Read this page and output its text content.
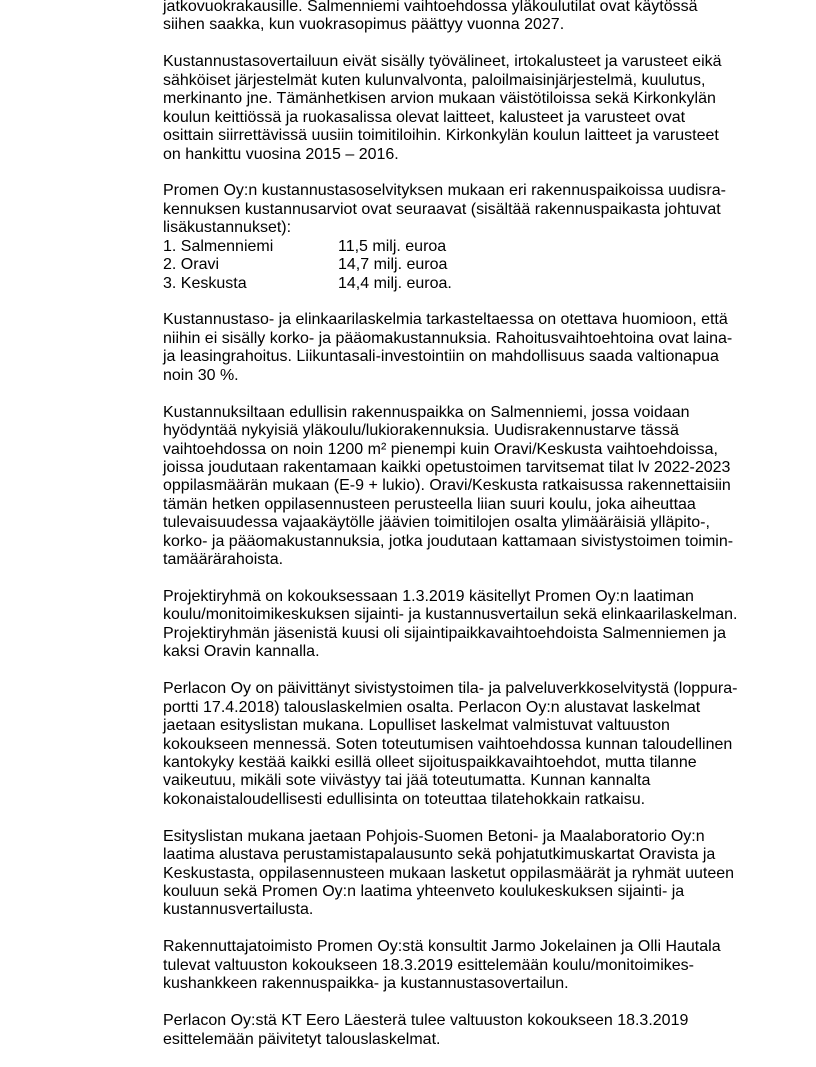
jatkovuokrakausille. Salmenniemi vaihtoehdossa yläkoulutilat ovat käytössä
siihen saakka, kun vuokrasopimus päättyy vuonna 2027.
Kustannustasovertailuun eivät sisälly työvälineet, irtokalusteet ja varusteet eikä
sähköiset järjestelmät kuten kulunvalvonta, paloilmaisinjärjestelmä, kuulutus,
merkinanto jne. Tämänhetkisen arvion mukaan väistötiloissa sekä Kirkonkylän
koulun keittiössä ja ruokasalissa olevat laitteet, kalusteet ja varusteet ovat
osittain siirrettävissä uusiin toimitiloihin. Kirkonkylän koulun laitteet ja varusteet
on hankittu vuosina 2015 – 2016.
Promen Oy:n kustannustasoselvityksen mukaan eri rakennuspaikoissa uudisra-
kennuksen kustannusarviot ovat seuraavat (sisältää rakennuspaikasta johtuvat
lisäkustannukset):
1. Salmenniemi	11,5 milj. euroa
2. Oravi	14,7 milj. euroa
3. Keskusta	14,4 milj. euroa.
Kustannustaso- ja elinkaarilaskelmia tarkasteltaessa on otettava huomioon, että
niihin ei sisälly korko- ja pääomakustannuksia. Rahoitusvaihtoehtoina ovat laina-
ja leasingrahoitus. Liikuntasali-investointiin on mahdollisuus saada valtionapua
noin 30 %.
Kustannuksiltaan edullisin rakennuspaikka on Salmenniemi, jossa voidaan
hyödyntää nykyisiä yläkoulu/lukiorakennuksia. Uudisrakennustarve tässä
vaihtoehdossa on noin 1200 m² pienempi kuin Oravi/Keskusta vaihtoehdoissa,
joissa joudutaan rakentamaan kaikki opetustoimen tarvitsemat tilat lv 2022-2023
oppilasmäärän mukaan (E-9 + lukio). Oravi/Keskusta ratkaisussa rakennettaisiin
tämän hetken oppilasennusteen perusteella liian suuri koulu, joka aiheuttaa
tulevaisuudessa vajaakäytölle jäävien toimitilojen osalta ylimääräisiä ylläpito-,
korko- ja pääomakustannuksia, jotka joudutaan kattamaan sivistystoimen toimin-
tamäärärahoista.
Projektiryhmä on kokouksessaan 1.3.2019 käsitellyt Promen Oy:n laatiman
koulu/monitoimikeskuksen sijainti- ja kustannusvertailun sekä elinkaarilaskelman.
Projektiryhmän jäsenistä kuusi oli sijaintipaikkavaihtoehdoista Salmenniemen ja
kaksi Oravin kannalla.
Perlacon Oy on päivittänyt sivistystoimen tila- ja palveluverkkoselvitystä (loppura-
portti 17.4.2018) talouslaskelmien osalta. Perlacon Oy:n alustavat laskelmat
jaetaan esityslistan mukana. Lopulliset laskelmat valmistuvat valtuuston
kokoukseen mennessä. Soten toteutumisen vaihtoehdossa kunnan taloudellinen
kantokyky kestää kaikki esillä olleet sijoituspaikkavaihtoehdot, mutta tilanne
vaikeutuu, mikäli sote viivästyy tai jää toteutumatta. Kunnan kannalta
kokonaistaloudellisesti edullisinta on toteuttaa tilatehokkain ratkaisu.
Esityslistan mukana jaetaan Pohjois-Suomen Betoni- ja Maalaboratorio Oy:n
laatima alustava perustamistapalausunto sekä pohjatutkimuskartat Oravista ja
Keskustasta, oppilasennusteen mukaan lasketut oppilasmäärät ja ryhmät uuteen
kouluun sekä Promen Oy:n laatima yhteenveto koulukeskuksen sijainti- ja
kustannusvertailusta.
Rakennuttajatoimisto Promen Oy:stä konsultit Jarmo Jokelainen ja Olli Hautala
tulevat valtuuston kokoukseen 18.3.2019 esittelemään koulu/monitoimikes-
kushankkeen rakennuspaikka- ja kustannustasovertailun.
Perlacon Oy:stä KT Eero Läesterä tulee valtuuston kokoukseen 18.3.2019
esittelemään päivitetyt talouslaskelmat.
